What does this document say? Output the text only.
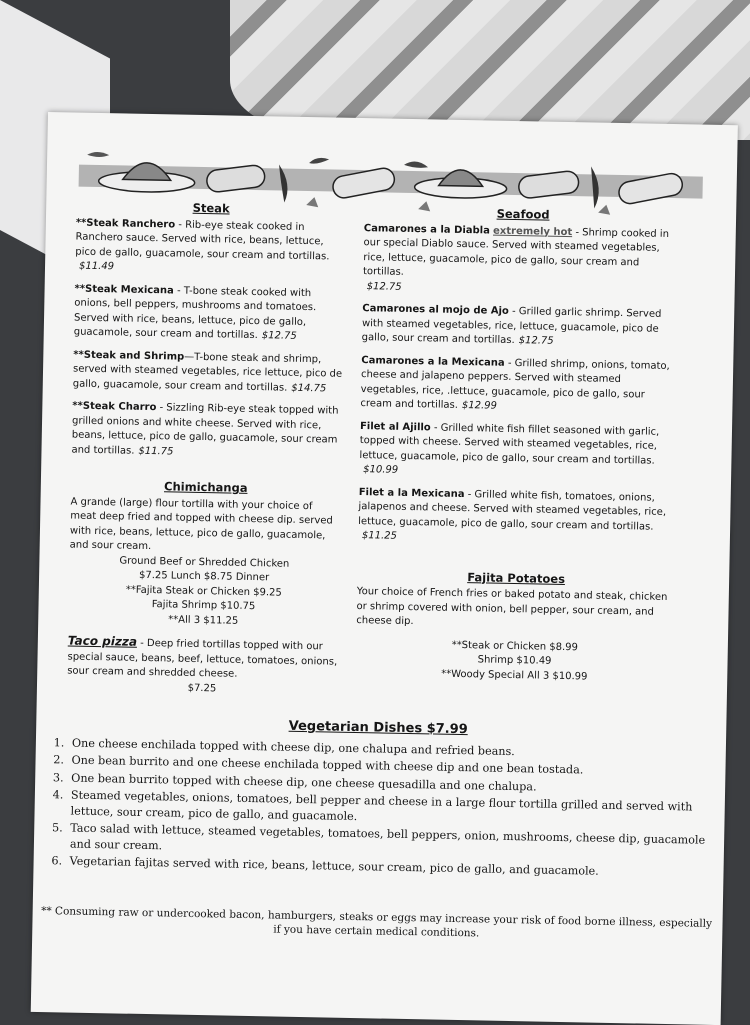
Steak
**Steak Ranchero - Rib-eye steak cooked in Ranchero sauce. Served with rice, beans, lettuce, pico de gallo, guacamole, sour cream and tortillas.
$11.49
**Steak Mexicana - T-bone steak cooked with onions, bell peppers, mushrooms and tomatoes. Served with rice, beans, lettuce, pico de gallo, guacamole, sour cream and tortillas. $12.75
**Steak and Shrimp—T-bone steak and shrimp, served with steamed vegetables, rice lettuce, pico de gallo, guacamole, sour cream and tortillas. $14.75
**Steak Charro - Sizzling Rib-eye steak topped with grilled onions and white cheese. Served with rice, beans, lettuce, pico de gallo, guacamole, sour cream and tortillas. $11.75
Chimichanga
A grande (large) flour tortilla with your choice of meat deep fried and topped with cheese dip. served with rice, beans, lettuce, pico de gallo, guacamole, and sour cream.
Ground Beef or Shredded Chicken
$7.25 Lunch $8.75 Dinner
**Fajita Steak or Chicken $9.25
Fajita Shrimp $10.75
**All 3 $11.25
Taco pizza - Deep fried tortillas topped with our special sauce, beans, beef, lettuce, tomatoes, onions, sour cream and shredded cheese.
$7.25
Seafood
Camarones a la Diabla extremely hot - Shrimp cooked in our special Diablo sauce. Served with steamed vegetables, rice, lettuce, guacamole, pico de gallo, sour cream and tortillas.
$12.75
Camarones al mojo de Ajo - Grilled garlic shrimp. Served with steamed vegetables, rice, lettuce, guacamole, pico de gallo, sour cream and tortillas. $12.75
Camarones a la Mexicana - Grilled shrimp, onions, tomato, cheese and jalapeno peppers. Served with steamed vegetables, rice, .lettuce, guacamole, pico de gallo, sour cream and tortillas. $12.99
Filet al Ajillo - Grilled white fish fillet seasoned with garlic, topped with cheese. Served with steamed vegetables, rice, lettuce, guacamole, pico de gallo, sour cream and tortillas.
$10.99
Filet a la Mexicana - Grilled white fish, tomatoes, onions, jalapenos and cheese. Served with steamed vegetables, rice, lettuce, guacamole, pico de gallo, sour cream and tortillas.
$11.25
Fajita Potatoes
Your choice of French fries or baked potato and steak, chicken or shrimp covered with onion, bell pepper, sour cream, and cheese dip.
**Steak or Chicken $8.99
Shrimp $10.49
**Woody Special All 3 $10.99
Vegetarian Dishes $7.99
1. One cheese enchilada topped with cheese dip, one chalupa and refried beans.
2. One bean burrito and one cheese enchilada topped with cheese dip and one bean tostada.
3. One bean burrito topped with cheese dip, one cheese quesadilla and one chalupa.
4. Steamed vegetables, onions, tomatoes, bell pepper and cheese in a large flour tortilla grilled and served with lettuce, sour cream, pico de gallo, and guacamole.
5. Taco salad with lettuce, steamed vegetables, tomatoes, bell peppers, onion, mushrooms, cheese dip, guacamole and sour cream.
6. Vegetarian fajitas served with rice, beans, lettuce, sour cream, pico de gallo, and guacamole.
** Consuming raw or undercooked bacon, hamburgers, steaks or eggs may increase your risk of food borne illness, especially if you have certain medical conditions.
